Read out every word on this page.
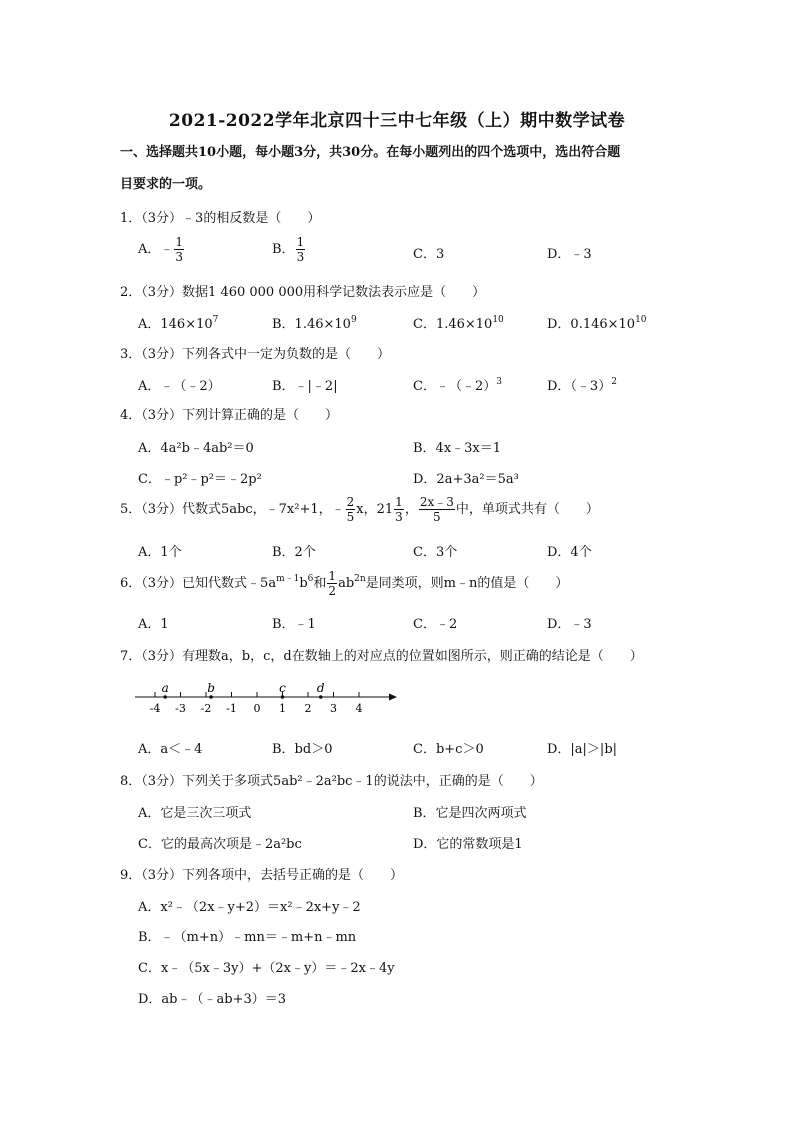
2021-2022学年北京四十三中七年级（上）期中数学试卷
一、选择题共10小题，每小题3分，共30分。在每小题列出的四个选项中，选出符合题
目要求的一项。
1．（3分）﹣3的相反数是（　　）
A．﹣ $\frac{1}{3}$	B． $\frac{1}{3}$	C．3	D．﹣3
2．（3分）数据1 460 000 000用科学记数法表示应是（　　）
A．$146\times 10^7$	B．$1.46\times 10^9$	C．$1.46\times 10^{10}$	D．$0.146\times 10^{10}$
3．（3分）下列各式中一定为负数的是（　　）
A．﹣（﹣2）	B．﹣|﹣2|	C．﹣（﹣2）$^3$	D．（﹣3）$^2$
4．（3分）下列计算正确的是（　　）
A．4a²b﹣4ab²＝0	B．4x﹣3x＝1
C．﹣p²﹣p²＝﹣2p²	D．2a+3a²＝5a³
5．（3分）代数式5abc，﹣7x²+1，﹣ $\frac{2}{5}$ x，$21 \frac{1}{3}$ ， $\frac{2x﹣3}{5}$ 中，单项式共有（　　）
A．1个	B．2个	C．3个	D．4个
6．（3分）已知代数式$﹣5a^{m﹣1}b^6$和 $\frac{1}{2} ab^{2n}$是同类项，则m﹣n的值是（　　）
A．1	B．﹣1	C．﹣2	D．﹣3
7．（3分）有理数a，b，c，d在数轴上的对应点的位置如图所示，则正确的结论是（　　）
-4 -3 -2 -1 0 1 2 3 4
a	b	c	d
A．a＜﹣4	B．bd＞0	C．b+c＞0	D．|a|＞|b|
8．（3分）下列关于多项式5ab²﹣2a²bc﹣1的说法中，正确的是（　　）
A．它是三次三项式	B．它是四次两项式
C．它的最高次项是﹣2a²bc	D．它的常数项是1
9．（3分）下列各项中，去括号正确的是（　　）
A．x²﹣（2x﹣y+2）＝x²﹣2x+y﹣2
B．﹣（m+n）﹣mn＝﹣m+n﹣mn
C．x﹣（5x﹣3y）+（2x﹣y）＝﹣2x﹣4y
D．ab﹣（﹣ab+3）＝3
